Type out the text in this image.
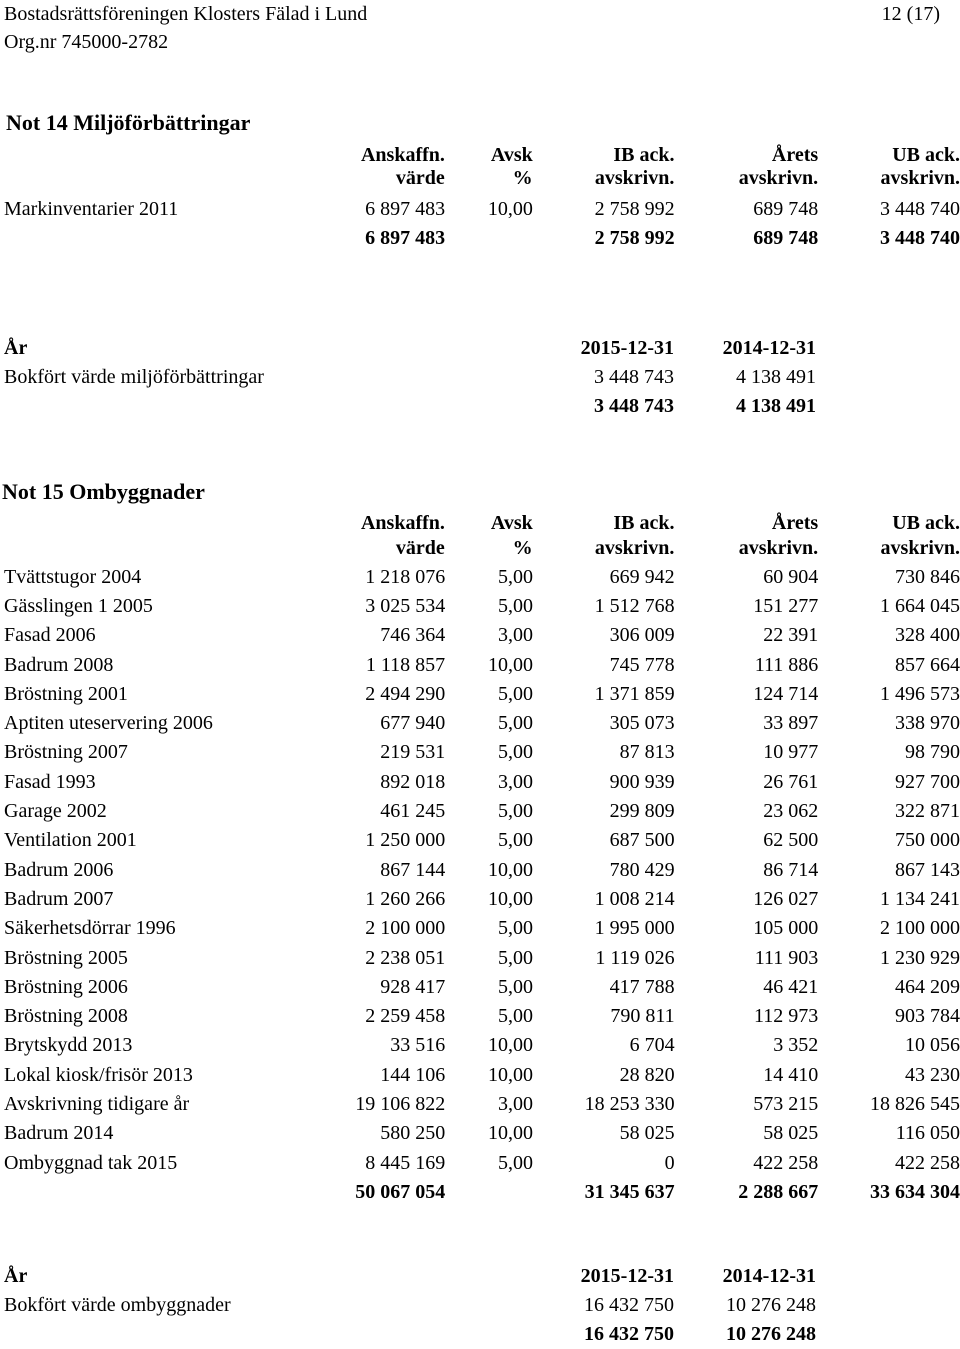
Bostadsrättsföreningen Klosters Fälad i Lund	12 (17)
Org.nr 745000-2782
Not 14 Miljöförbättringar
	Anskaffn.	Avsk	IB ack.	Årets	UB ack.
	värde	%	avskrivn.	avskrivn.	avskrivn.
Markinventarier 2011	6 897 483	10,00	2 758 992	689 748	3 448 740
	6 897 483		2 758 992	689 748	3 448 740
År	2015-12-31	2014-12-31
Bokfört värde miljöförbättringar	3 448 743	4 138 491
	3 448 743	4 138 491
Not 15 Ombyggnader
	Anskaffn.	Avsk	IB ack.	Årets	UB ack.
	värde	%	avskrivn.	avskrivn.	avskrivn.
Tvättstugor 2004	1 218 076	5,00	669 942	60 904	730 846
Gässlingen 1 2005	3 025 534	5,00	1 512 768	151 277	1 664 045
Fasad 2006	746 364	3,00	306 009	22 391	328 400
Badrum 2008	1 118 857	10,00	745 778	111 886	857 664
Bröstning 2001	2 494 290	5,00	1 371 859	124 714	1 496 573
Aptiten uteservering 2006	677 940	5,00	305 073	33 897	338 970
Bröstning 2007	219 531	5,00	87 813	10 977	98 790
Fasad 1993	892 018	3,00	900 939	26 761	927 700
Garage 2002	461 245	5,00	299 809	23 062	322 871
Ventilation 2001	1 250 000	5,00	687 500	62 500	750 000
Badrum 2006	867 144	10,00	780 429	86 714	867 143
Badrum 2007	1 260 266	10,00	1 008 214	126 027	1 134 241
Säkerhetsdörrar 1996	2 100 000	5,00	1 995 000	105 000	2 100 000
Bröstning 2005	2 238 051	5,00	1 119 026	111 903	1 230 929
Bröstning 2006	928 417	5,00	417 788	46 421	464 209
Bröstning 2008	2 259 458	5,00	790 811	112 973	903 784
Brytskydd 2013	33 516	10,00	6 704	3 352	10 056
Lokal kiosk/frisör 2013	144 106	10,00	28 820	14 410	43 230
Avskrivning tidigare år	19 106 822	3,00	18 253 330	573 215	18 826 545
Badrum 2014	580 250	10,00	58 025	58 025	116 050
Ombyggnad tak 2015	8 445 169	5,00	0	422 258	422 258
	50 067 054		31 345 637	2 288 667	33 634 304
År	2015-12-31	2014-12-31
Bokfört värde ombyggnader	16 432 750	10 276 248
	16 432 750	10 276 248
